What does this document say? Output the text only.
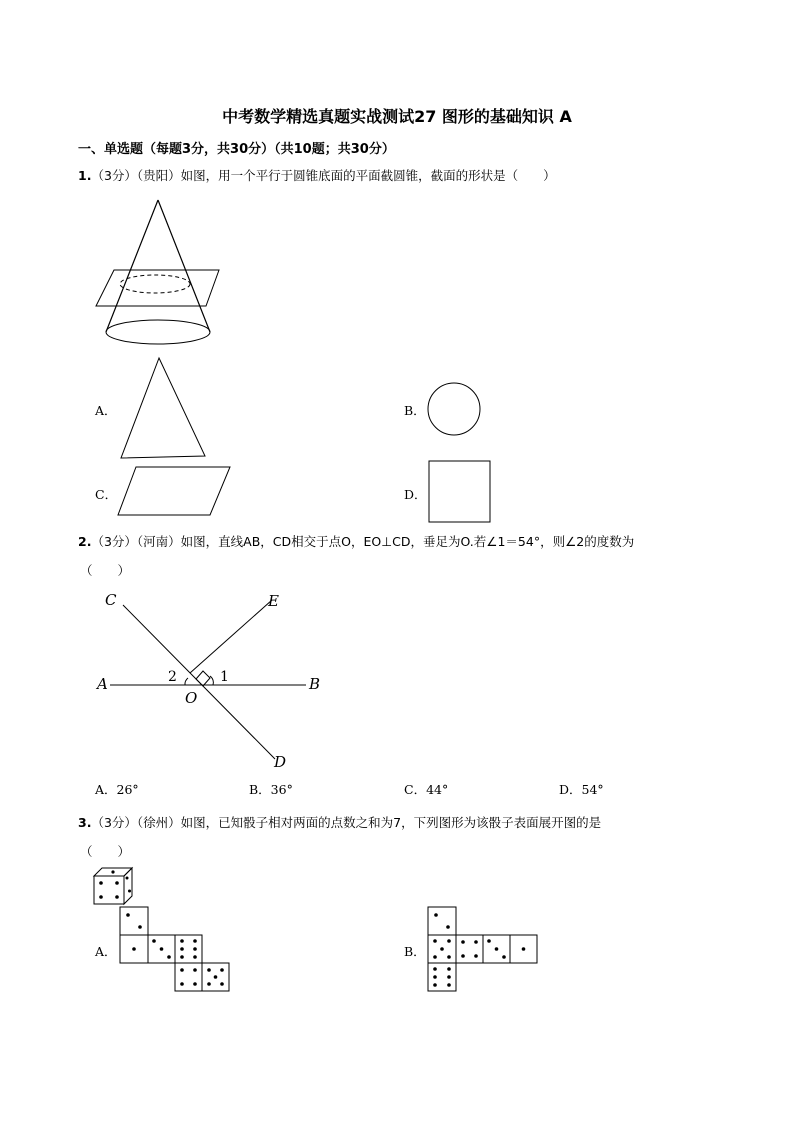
中考数学精选真题实战测试27 图形的基础知识 A
一、单选题（每题3分，共30分）（共10题；共30分）
1.（3分）（贵阳）如图，用一个平行于圆锥底面的平面截圆锥，截面的形状是（　　）
A．	B．
C．	D．
2.（3分）（河南）如图，直线AB，CD相交于点O，EO⊥CD，垂足为O.若∠1＝54°，则∠2的度数为
（　　）
A	B
C
D
E
O
2	1
A．26°	B．36°	C．44°	D．54°
3.（3分）（徐州）如图，已知骰子相对两面的点数之和为7，下列图形为该骰子表面展开图的是
（　　）
A．	B．
